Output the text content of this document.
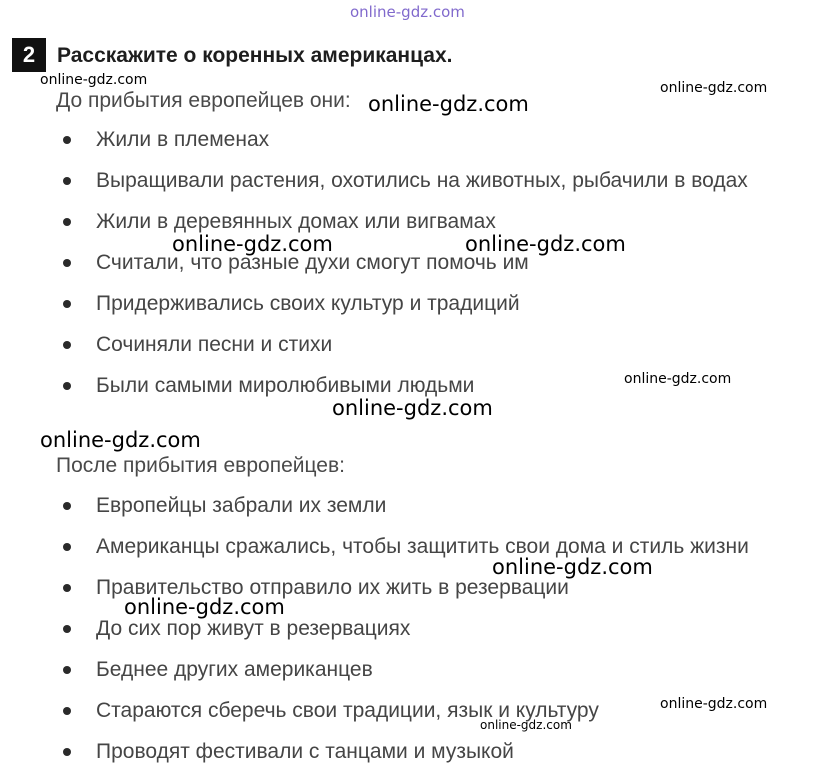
online-gdz.com
2	Расскажите о коренных американцах.
online-gdz.com	online-gdz.com
До прибытия европейцев они: online-gdz.com
Жили в племенах
Выращивали растения, охотились на животных, рыбачили в водах
Жили в деревянных домах или вигвамах
Считали, что разные духи смогут помочь им
Придерживались своих культур и традиций
Сочиняли песни и стихи
Были самыми миролюбивыми людьми
online-gdz.com	online-gdz.com
online-gdz.com
online-gdz.com
online-gdz.com
После прибытия европейцев:
Европейцы забрали их земли
Американцы сражались, чтобы защитить свои дома и стиль жизни
Правительство отправило их жить в резервации
До сих пор живут в резервациях
Беднее других американцев
Стараются сберечь свои традиции, язык и культуру
Проводят фестивали с танцами и музыкой
online-gdz.com
online-gdz.com
online-gdz.com
online-gdz.com
